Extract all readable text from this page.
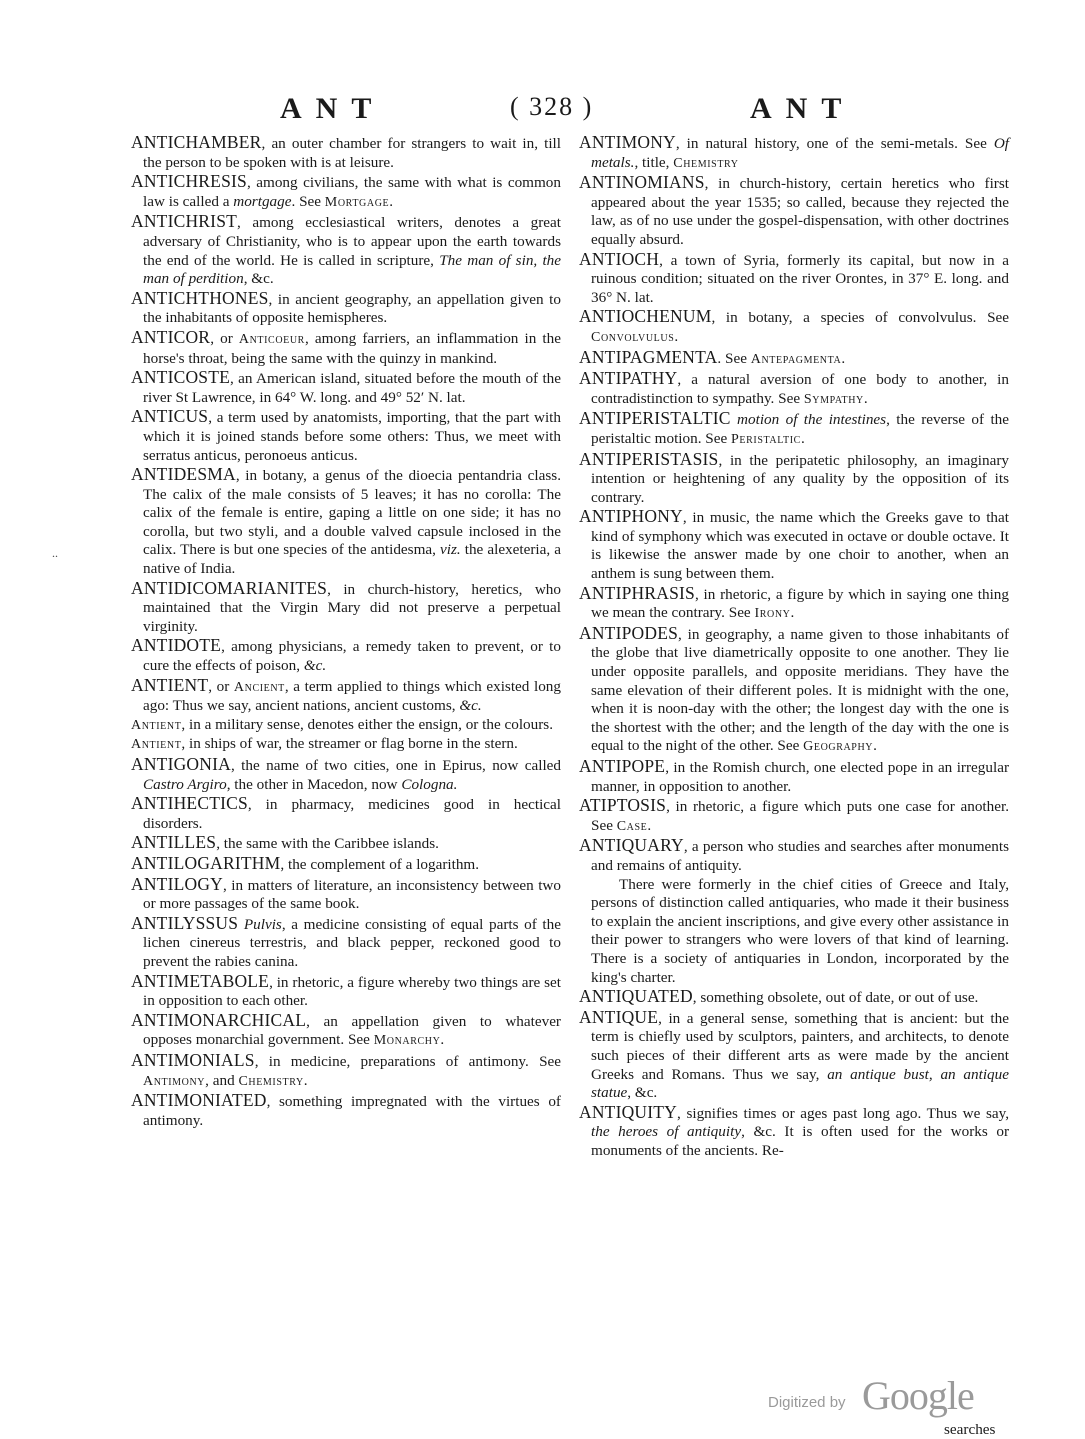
ANT	( 328 )	ANT
..
ANTICHAMBER, an outer chamber for strangers to wait in, till the person to be spoken with is at leisure.
ANTICHRESIS, among civilians, the same with what is common law is called a mortgage. See Mortgage.
ANTICHRIST, among ecclesiastical writers, denotes a great adversary of Christianity, who is to appear upon the earth towards the end of the world. He is called in scripture, The man of sin, the man of perdition, &c.
ANTICHTHONES, in ancient geography, an appellation given to the inhabitants of opposite hemispheres.
ANTICOR, or Anticoeur, among farriers, an inflammation in the horse's throat, being the same with the quinzy in mankind.
ANTICOSTE, an American island, situated before the mouth of the river St Lawrence, in 64° W. long. and 49° 52′ N. lat.
ANTICUS, a term used by anatomists, importing, that the part with which it is joined stands before some others: Thus, we meet with serratus anticus, peronoeus anticus.
ANTIDESMA, in botany, a genus of the dioecia pentandria class. The calix of the male consists of 5 leaves; it has no corolla: The calix of the female is entire, gaping a little on one side; it has no corolla, but two styli, and a double valved capsule inclosed in the calix. There is but one species of the antidesma, viz. the alexeteria, a native of India.
ANTIDICOMARIANITES, in church-history, heretics, who maintained that the Virgin Mary did not preserve a perpetual virginity.
ANTIDOTE, among physicians, a remedy taken to prevent, or to cure the effects of poison, &c.
ANTIENT, or Ancient, a term applied to things which existed long ago: Thus we say, ancient nations, ancient customs, &c.
Antient, in a military sense, denotes either the ensign, or the colours.
Antient, in ships of war, the streamer or flag borne in the stern.
ANTIGONIA, the name of two cities, one in Epirus, now called Castro Argiro, the other in Macedon, now Cologna.
ANTIHECTICS, in pharmacy, medicines good in hectical disorders.
ANTILLES, the same with the Caribbee islands.
ANTILOGARITHM, the complement of a logarithm.
ANTILOGY, in matters of literature, an inconsistency between two or more passages of the same book.
ANTILYSSUS Pulvis, a medicine consisting of equal parts of the lichen cinereus terrestris, and black pepper, reckoned good to prevent the rabies canina.
ANTIMETABOLE, in rhetoric, a figure whereby two things are set in opposition to each other.
ANTIMONARCHICAL, an appellation given to whatever opposes monarchial government. See Monarchy.
ANTIMONIALS, in medicine, preparations of antimony. See Antimony, and Chemistry.
ANTIMONIATED, something impregnated with the virtues of antimony.
ANTIMONY, in natural history, one of the semi-metals. See Of metals., title, Chemistry
ANTINOMIANS, in church-history, certain heretics who first appeared about the year 1535; so called, because they rejected the law, as of no use under the gospel-dispensation, with other doctrines equally absurd.
ANTIOCH, a town of Syria, formerly its capital, but now in a ruinous condition; situated on the river Orontes, in 37° E. long. and 36° N. lat.
ANTIOCHENUM, in botany, a species of convolvulus. See Convolvulus.
ANTIPAGMENTA. See Antepagmenta.
ANTIPATHY, a natural aversion of one body to another, in contradistinction to sympathy. See Sympathy.
ANTIPERISTALTIC motion of the intestines, the reverse of the peristaltic motion. See Peristaltic.
ANTIPERISTASIS, in the peripatetic philosophy, an imaginary intention or heightening of any quality by the opposition of its contrary.
ANTIPHONY, in music, the name which the Greeks gave to that kind of symphony which was executed in octave or double octave. It is likewise the answer made by one choir to another, when an anthem is sung between them.
ANTIPHRASIS, in rhetoric, a figure by which in saying one thing we mean the contrary. See Irony.
ANTIPODES, in geography, a name given to those inhabitants of the globe that live diametrically opposite to one another. They lie under opposite parallels, and opposite meridians. They have the same elevation of their different poles. It is midnight with the one, when it is noon-day with the other; the longest day with the one is the shortest with the other; and the length of the day with the one is equal to the night of the other. See Geography.
ANTIPOPE, in the Romish church, one elected pope in an irregular manner, in opposition to another.
ATIPTOSIS, in rhetoric, a figure which puts one case for another. See Case.
ANTIQUARY, a person who studies and searches after monuments and remains of antiquity.
There were formerly in the chief cities of Greece and Italy, persons of distinction called antiquaries, who made it their business to explain the ancient inscriptions, and give every other assistance in their power to strangers who were lovers of that kind of learning. There is a society of antiquaries in London, incorporated by the king's charter.
ANTIQUATED, something obsolete, out of date, or out of use.
ANTIQUE, in a general sense, something that is ancient: but the term is chiefly used by sculptors, painters, and architects, to denote such pieces of their different arts as were made by the ancient Greeks and Romans. Thus we say, an antique bust, an antique statue, &c.
ANTIQUITY, signifies times or ages past long ago. Thus we say, the heroes of antiquity, &c. It is often used for the works or monuments of the ancients. Re-
searches
Digitized by Google
